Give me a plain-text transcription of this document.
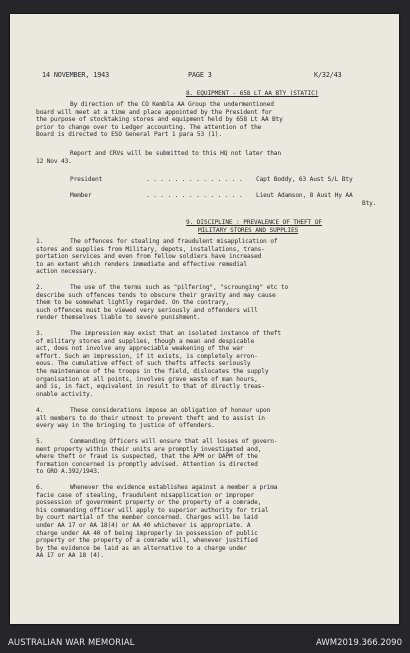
14 NOVEMBER, 1943	PAGE 3	K/32/43
8. EQUIPMENT - 658 LT AA BTY (STATIC)
By direction of the CO Kembla AA Group the undermentioned
board will meet at a time and place appointed by the President for
the purpose of stocktaking stores and equipment held by 658 Lt AA Bty
prior to change over to Ledger accounting. The attention of the
Board is directed to ESO General Part 1 para 53 (1).
Report and CRVs will be submitted to this HQ not later than
12 Nov 43.
President	. . . . . . . . . . . . . . Capt Boddy, 63 Aust S/L Bty
Member	. . . . . . . . . . . . . . Lieut Adamson, 8 Aust Hy AA
Bty.
9. DISCIPLINE : PREVALENCE OF THEFT OF
MILITARY STORES AND SUPPLIES
1.	The offences for stealing and fraudulent misapplication of
stores and supplies from Military, depots, installations, trans-
portation services and even from fellow soldiers have increased
to an extent which renders immediate and effective remedial
action necessary.
2.	The use of the terms such as "pilfering", "scrounging" etc to
describe such offences tends to obscure their gravity and may cause
them to be somewhat lightly regarded. On the contrary,
such offences must be viewed very seriously and offenders will
render themselves liable to severe punishment.
3.	The impression may exist that an isolated instance of theft
of military stores and supplies, though a mean and despicable
act, does not involve any appreciable weakening of the war
effort. Such an impression, if it exists, is completely erron-
eous. The cumulative effect of such thefts affects seriously
the maintenance of the troops in the field, dislocates the supply
organisation at all points, involves grave waste of man hours,
and is, in fact, equivalent in result to that of directly treas-
onable activity.
4.	These considerations impose an obligation of honour upon
all members to do their utmost to prevent theft and to assist in
every way in the bringing to justice of offenders.
5.	Commanding Officers will ensure that all losses of govern-
ment property within their units are promptly investigated and,
where theft or fraud is suspected, that the APM or DAPM of the
formation concerned is promptly advised. Attention is directed
to GRO A.392/1943.
6.	Whenever the evidence establishes against a member a prima
facie case of stealing, fraudulent misapplication or improper
possession of government property or the property of a comrade,
his commanding officer will apply to superior authority for trial
by court martial of the member concerned. Charges will be laid
under AA 17 or AA 18(4) or AA 40 whichever is appropriate. A
charge under AA 40 of being improperly in possession of public
property or the property of a comrade will, whenever justified
by the evidence be laid as an alternative to a charge under
AA 17 or AA 18 (4).
AUSTRALIAN WAR MEMORIAL	AWM2019.366.2090
